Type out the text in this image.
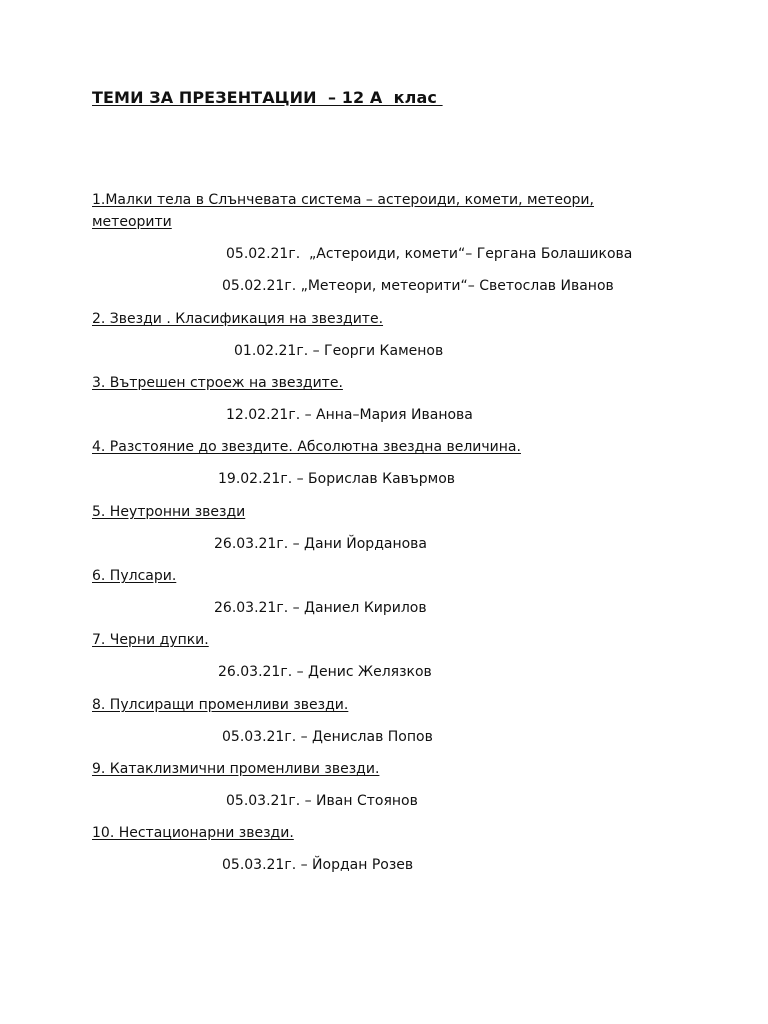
ТЕМИ ЗА ПРЕЗЕНТАЦИИ  – 12 А  клас
1.Малки тела в Слънчевата система – астероиди, комети, метеори, метеорити
05.02.21г.  „Астероиди, комети“– Гергана Болашикова
05.02.21г. „Метеори, метеорити“– Светослав Иванов
2. Звезди . Класификация на звездите.
01.02.21г. – Георги Каменов
3. Вътрешен строеж на звездите.
12.02.21г. – Анна–Мария Иванова
4. Разстояние до звездите. Абсолютна звездна величина.
19.02.21г. – Борислав Кавърмов
5. Неутронни звезди
26.03.21г. – Дани Йорданова
6. Пулсари.
26.03.21г. – Даниел Кирилов
7. Черни дупки.
26.03.21г. – Денис Желязков
8. Пулсиращи променливи звезди.
05.03.21г. – Денислав Попов
9. Катаклизмични променливи звезди.
05.03.21г. – Иван Стоянов
10. Нестационарни звезди.
05.03.21г. – Йордан Розев
